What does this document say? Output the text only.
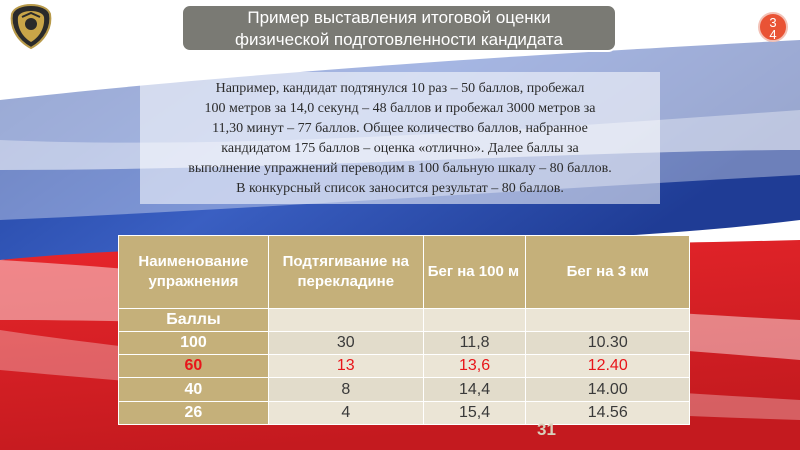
Пример выставления итоговой оценки
физической подготовленности кандидата
3
4
Например, кандидат подтянулся 10 раз – 50 баллов, пробежал
100 метров за 14,0 секунд – 48 баллов и пробежал 3000 метров за
11,30 минут – 77 баллов. Общее количество баллов, набранное
кандидатом 175 баллов – оценка «отлично». Далее баллы за
выполнение упражнений переводим в 100 бальную шкалу – 80 баллов.
В конкурсный список заносится результат – 80 баллов.
Наименование упражнения	Подтягивание на перекладине	Бег на 100 м	Бег на 3 км
Баллы			
100	30	11,8	10.30
60	13	13,6	12.40
40	8	14,4	14.00
26	4	15,4	14.56
31
